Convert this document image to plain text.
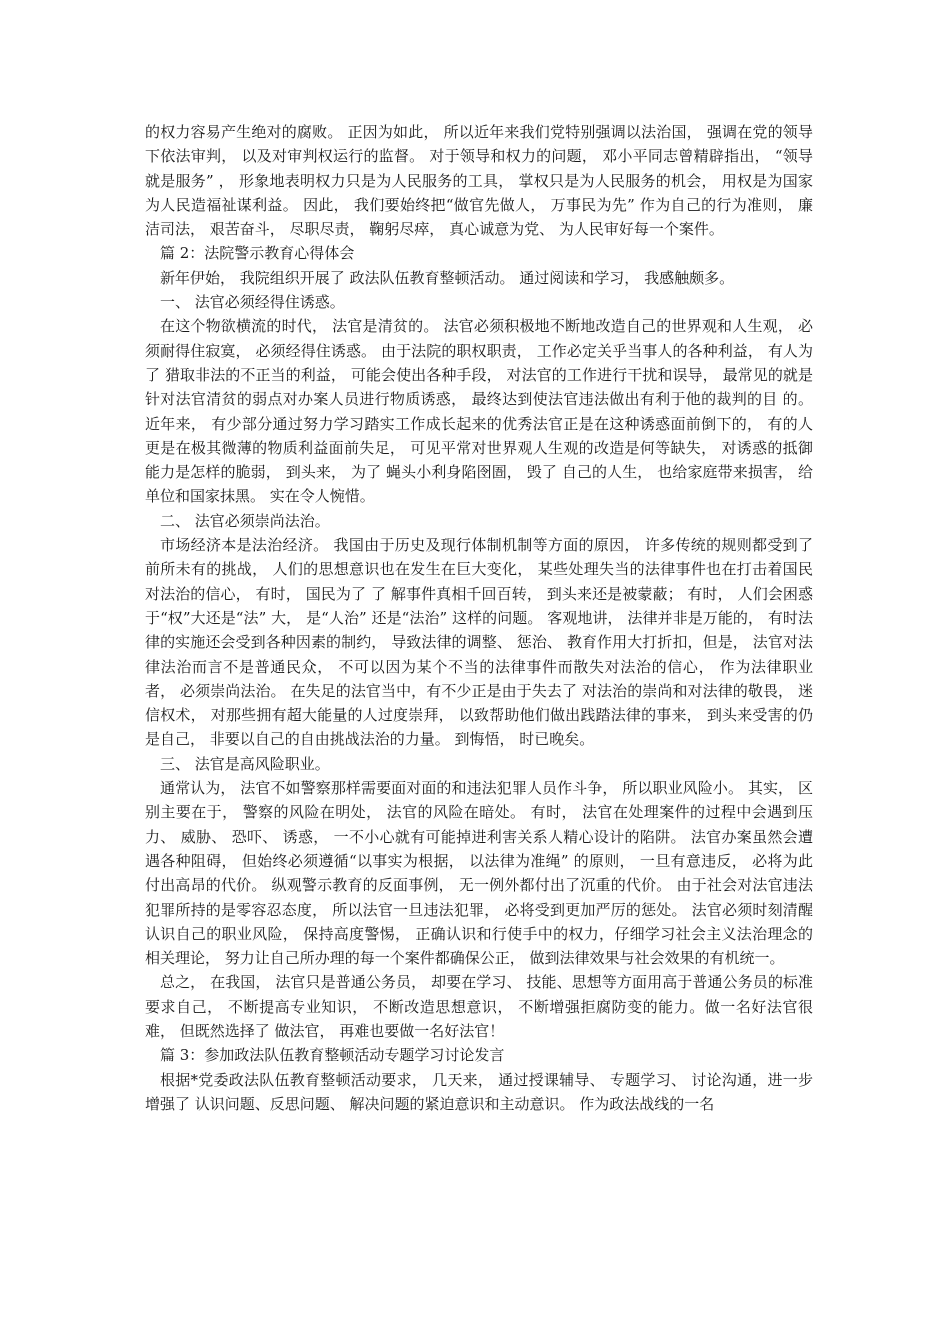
的权力容易产生绝对的腐败。 正因为如此， 所以近年来我们党特别强调以法治国， 强调在党的领导下依法审判， 以及对审判权运行的监督。 对于领导和权力的问题， 邓小平同志曾精辟指出， “领导就是服务” ， 形象地表明权力只是为人民服务的工具， 掌权只是为人民服务的机会， 用权是为国家为人民造福祉谋利益。 因此， 我们要始终把“做官先做人， 万事民为先” 作为自己的行为准则， 廉洁司法， 艰苦奋斗， 尽职尽责， 鞠躬尽瘁， 真心诚意为党、 为人民审好每一个案件。

篇 2：法院警示教育心得体会

新年伊始， 我院组织开展了 政法队伍教育整顿活动。 通过阅读和学习， 我感触颇多。

一、 法官必须经得住诱惑。

在这个物欲横流的时代， 法官是清贫的。 法官必须积极地不断地改造自己的世界观和人生观， 必须耐得住寂寞， 必须经得住诱惑。 由于法院的职权职责， 工作必定关乎当事人的各种利益， 有人为了 猎取非法的不正当的利益， 可能会使出各种手段， 对法官的工作进行干扰和误导， 最常见的就是针对法官清贫的弱点对办案人员进行物质诱惑， 最终达到使法官违法做出有利于他的裁判的目 的。 近年来， 有少部分通过努力学习踏实工作成长起来的优秀法官正是在这种诱惑面前倒下的， 有的人更是在极其微薄的物质利益面前失足， 可见平常对世界观人生观的改造是何等缺失， 对诱惑的抵御能力是怎样的脆弱， 到头来， 为了 蝇头小利身陷囹圄， 毁了 自己的人生， 也给家庭带来损害， 给单位和国家抹黑。 实在令人惋惜。

二、 法官必须崇尚法治。

市场经济本是法治经济。 我国由于历史及现行体制机制等方面的原因， 许多传统的规则都受到了 前所未有的挑战， 人们的思想意识也在发生在巨大变化， 某些处理失当的法律事件也在打击着国民对法治的信心， 有时， 国民为了 了 解事件真相千回百转， 到头来还是被蒙蔽； 有时， 人们会困惑于“权”大还是“法” 大， 是“人治” 还是“法治” 这样的问题。 客观地讲， 法律并非是万能的， 有时法律的实施还会受到各种因素的制约， 导致法律的调整、 惩治、 教育作用大打折扣，但是， 法官对法律法治而言不是普通民众， 不可以因为某个不当的法律事件而散失对法治的信心， 作为法律职业者， 必须崇尚法治。 在失足的法官当中，有不少正是由于失去了 对法治的崇尚和对法律的敬畏， 迷信权术， 对那些拥有超大能量的人过度崇拜， 以致帮助他们做出践踏法律的事来， 到头来受害的仍是自己， 非要以自己的自由挑战法治的力量。 到悔悟， 时已晚矣。

三、 法官是高风险职业。

通常认为， 法官不如警察那样需要面对面的和违法犯罪人员作斗争， 所以职业风险小。 其实， 区别主要在于， 警察的风险在明处， 法官的风险在暗处。 有时， 法官在处理案件的过程中会遇到压力、 威胁、 恐吓、 诱惑， 一不小心就有可能掉进利害关系人精心设计的陷阱。 法官办案虽然会遭遇各种阻碍， 但始终必须遵循“以事实为根据， 以法律为准绳” 的原则， 一旦有意违反， 必将为此付出高昂的代价。 纵观警示教育的反面事例， 无一例外都付出了沉重的代价。 由于社会对法官违法犯罪所持的是零容忍态度， 所以法官一旦违法犯罪， 必将受到更加严厉的惩处。 法官必须时刻清醒认识自己的职业风险， 保持高度警惕， 正确认识和行使手中的权力，仔细学习社会主义法治理念的相关理论， 努力让自己所办理的每一个案件都确保公正， 做到法律效果与社会效果的有机统一。

总之， 在我国， 法官只是普通公务员， 却要在学习、 技能、思想等方面用高于普通公务员的标准要求自己， 不断提高专业知识， 不断改造思想意识， 不断增强拒腐防变的能力。做一名好法官很难， 但既然选择了 做法官， 再难也要做一名好法官！

篇 3：参加政法队伍教育整顿活动专题学习讨论发言

根据*党委政法队伍教育整顿活动要求， 几天来， 通过授课辅导、 专题学习、 讨论沟通，进一步增强了 认识问题、反思问题、 解决问题的紧迫意识和主动意识。 作为政法战线的一名
